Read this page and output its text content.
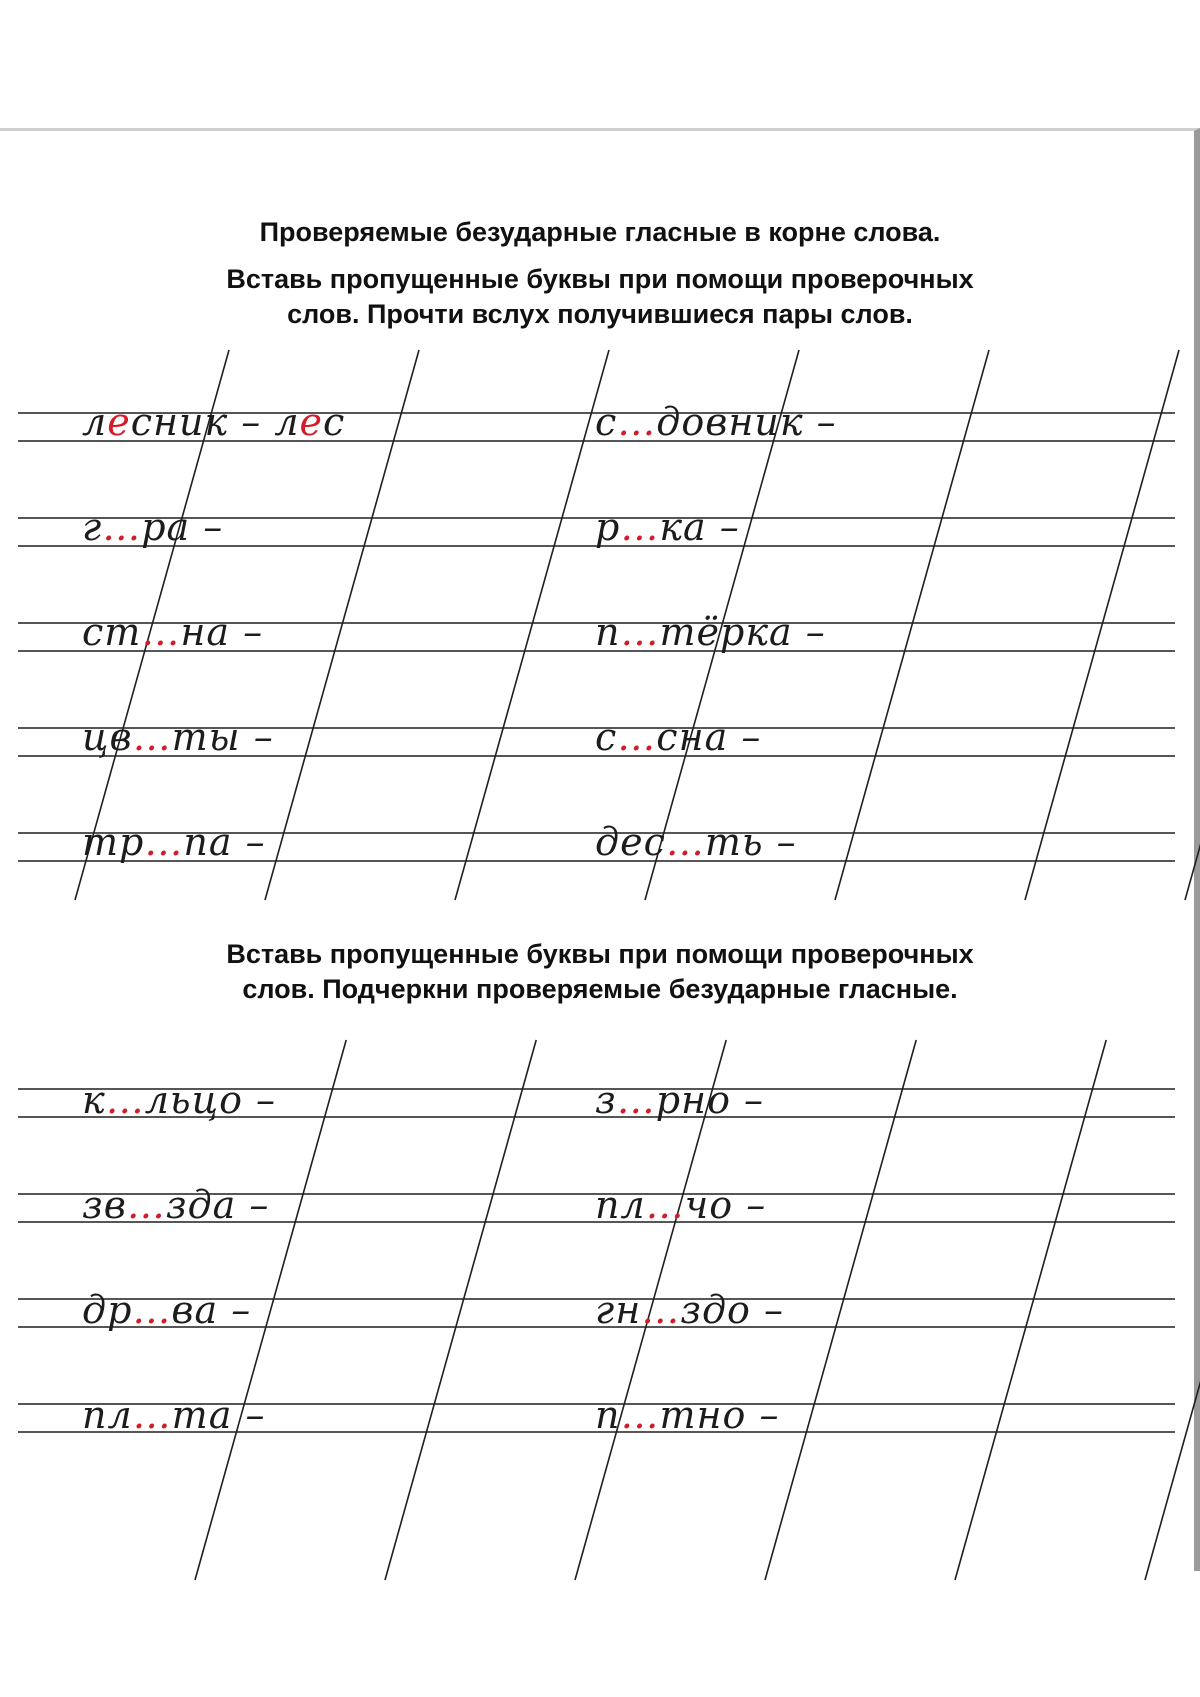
Проверяемые безударные гласные в корне слова.
Вставь пропущенные буквы при помощи проверочных
слов. Прочти вслух получившиеся пары слов.
лесник – лес
г…ра –
ст…на –
цв…ты –
тр…па –
с…довник –
р…ка –
п…тёрка –
с…сна –
дес…ть –
Вставь пропущенные буквы при помощи проверочных
слов. Подчеркни проверяемые безударные гласные.
к…льцо –
зв…зда –
др…ва –
пл…та –
з…рно –
пл…чо –
гн…здо –
п…тно –
